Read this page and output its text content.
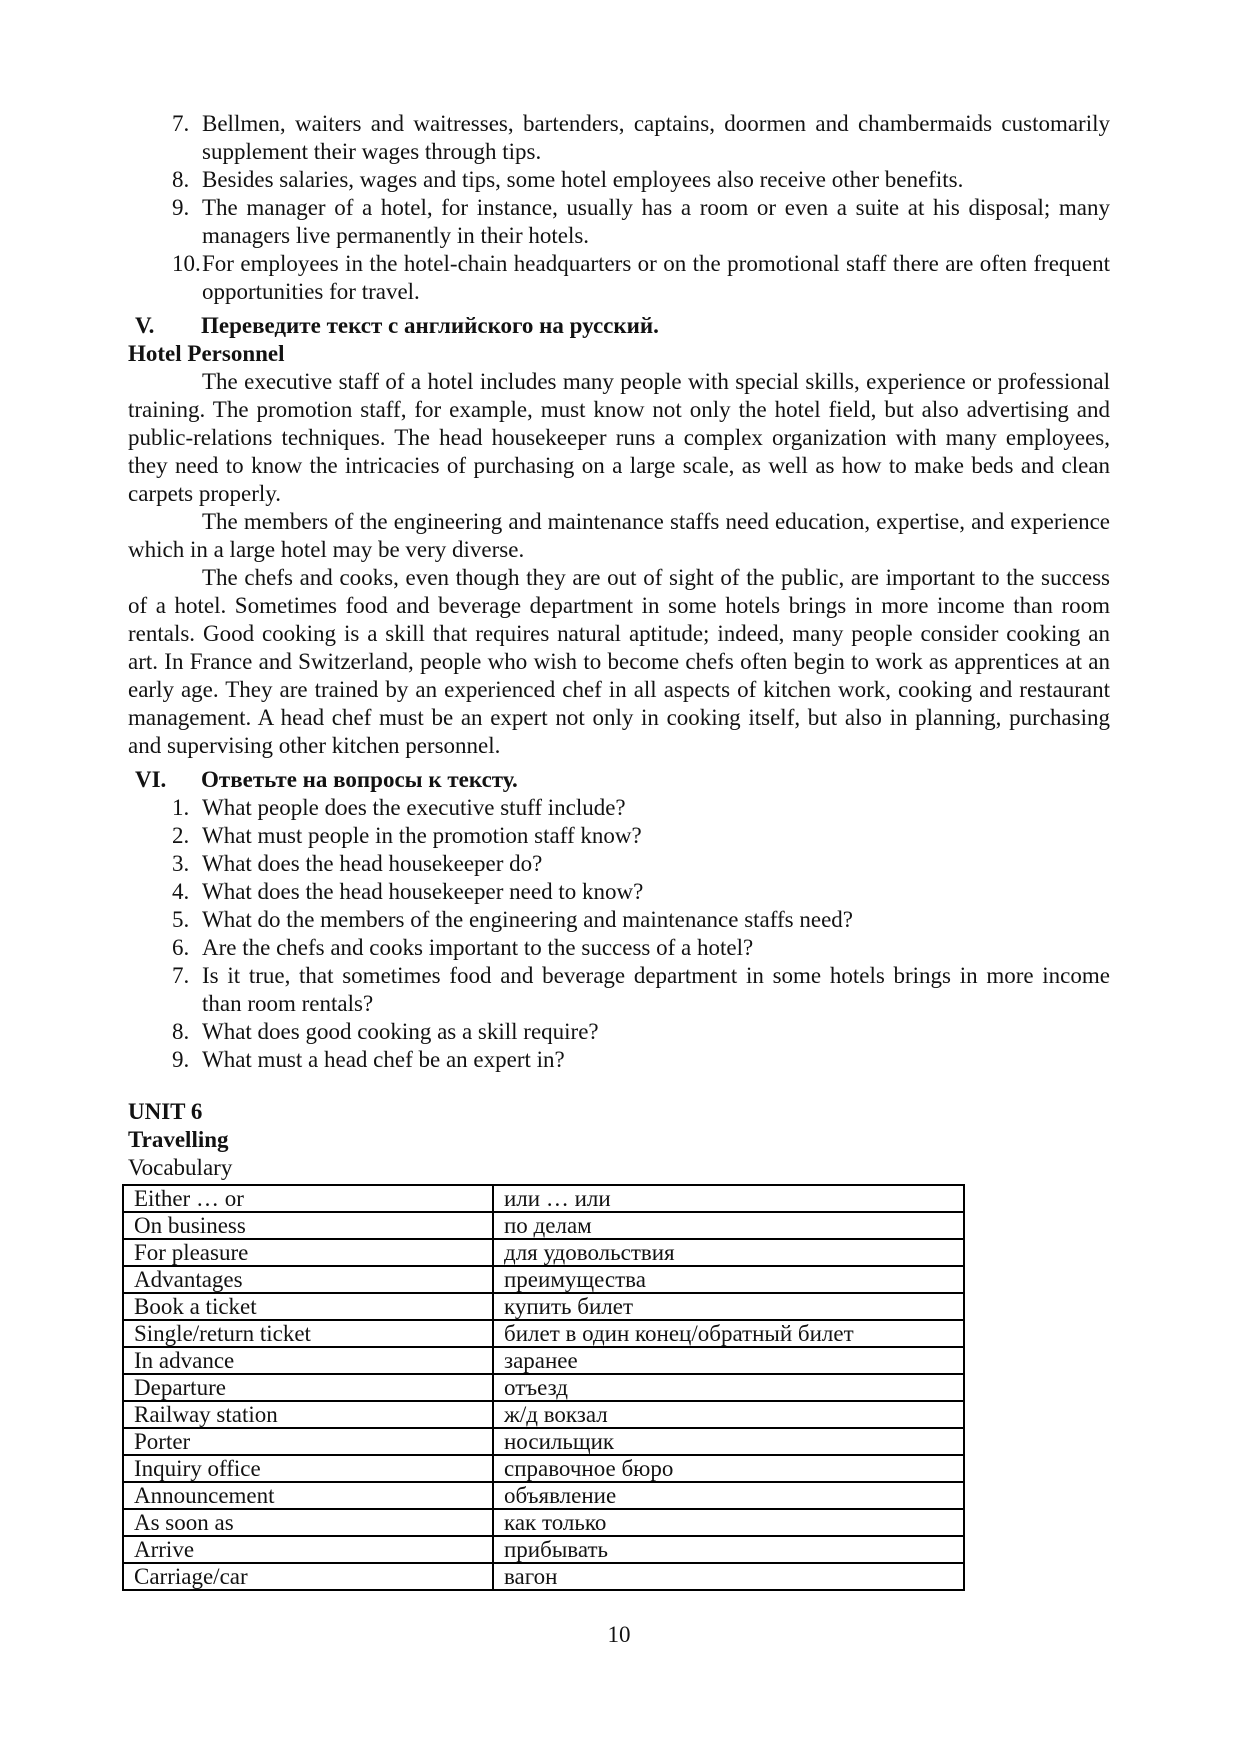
7. Bellmen, waiters and waitresses, bartenders, captains, doormen and chambermaids customarily supplement their wages through tips.
8. Besides salaries, wages and tips, some hotel employees also receive other benefits.
9. The manager of a hotel, for instance, usually has a room or even a suite at his disposal; many managers live permanently in their hotels.
10. For employees in the hotel-chain headquarters or on the promotional staff there are often frequent opportunities for travel.
V.	Переведите текст с английского на русский.
Hotel Personnel

The executive staff of a hotel includes many people with special skills, experience or professional training. The promotion staff, for example, must know not only the hotel field, but also advertising and public-relations techniques. The head housekeeper runs a complex organization with many employees, they need to know the intricacies of purchasing on a large scale, as well as how to make beds and clean carpets properly.

The members of the engineering and maintenance staffs need education, expertise, and experience which in a large hotel may be very diverse.

The chefs and cooks, even though they are out of sight of the public, are important to the success of a hotel. Sometimes food and beverage department in some hotels brings in more income than room rentals. Good cooking is a skill that requires natural aptitude; indeed, many people consider cooking an art. In France and Switzerland, people who wish to become chefs often begin to work as apprentices at an early age. They are trained by an experienced chef in all aspects of kitchen work, cooking and restaurant management. A head chef must be an expert not only in cooking itself, but also in planning, purchasing and supervising other kitchen personnel.

VI.	Ответьте на вопросы к тексту.
1. What people does the executive stuff include?
2. What must people in the promotion staff know?
3. What does the head housekeeper do?
4. What does the head housekeeper need to know?
5. What do the members of the engineering and maintenance staffs need?
6. Are the chefs and cooks important to the success of a hotel?
7. Is it true, that sometimes food and beverage department in some hotels brings in more income than room rentals?
8. What does good cooking as a skill require?
9. What must a head chef be an expert in?
UNIT 6
Travelling
Vocabulary
Either … or	или … или
On business	по делам
For pleasure	для удовольствия
Advantages	преимущества
Book a ticket	купить билет
Single/return ticket	билет в один конец/обратный билет
In advance	заранее
Departure	отъезд
Railway station	ж/д вокзал
Porter	носильщик
Inquiry office	справочное бюро
Announcement	объявление
As soon as	как только
Arrive	прибывать
Carriage/car	вагон
10
